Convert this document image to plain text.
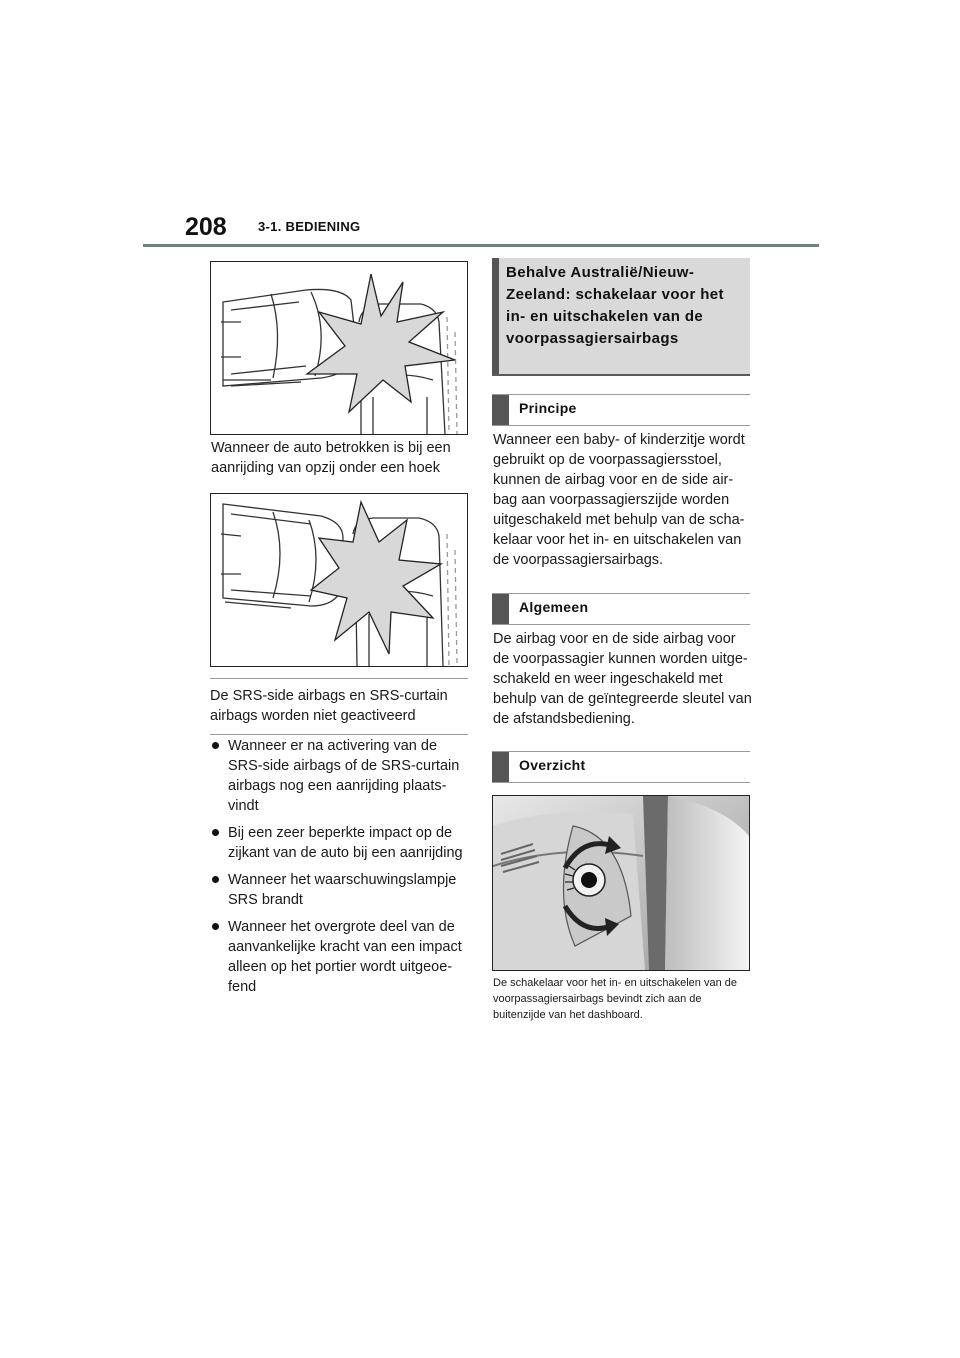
208 3-1. BEDIENING
Wanneer de auto betrokken is bij een aanrijding van opzij onder een hoek
De SRS-side airbags en SRS-curtain airbags worden niet geactiveerd
Wanneer er na activering van de SRS-side airbags of de SRS-curtain airbags nog een aanrijding plaats-vindt
Bij een zeer beperkte impact op de zijkant van de auto bij een aanrijding
Wanneer het waarschuwingslampje SRS brandt
Wanneer het overgrote deel van de aanvankelijke kracht van een impact alleen op het portier wordt uitgeoe-fend
Behalve Australië/Nieuw-Zeeland: schakelaar voor het in- en uitschakelen van de voorpassagiersairbags
Principe
Wanneer een baby- of kinderzitje wordt gebruikt op de voorpassagiersstoel, kunnen de airbag voor en de side air-bag aan voorpassagierszijde worden uitgeschakeld met behulp van de scha-kelaar voor het in- en uitschakelen van de voorpassagiersairbags.
Algemeen
De airbag voor en de side airbag voor de voorpassagier kunnen worden uitge-schakeld en weer ingeschakeld met behulp van de geïntegreerde sleutel van de afstandsbediening.
Overzicht
De schakelaar voor het in- en uitschakelen van de voorpassagiersairbags bevindt zich aan de buitenzijde van het dashboard.
